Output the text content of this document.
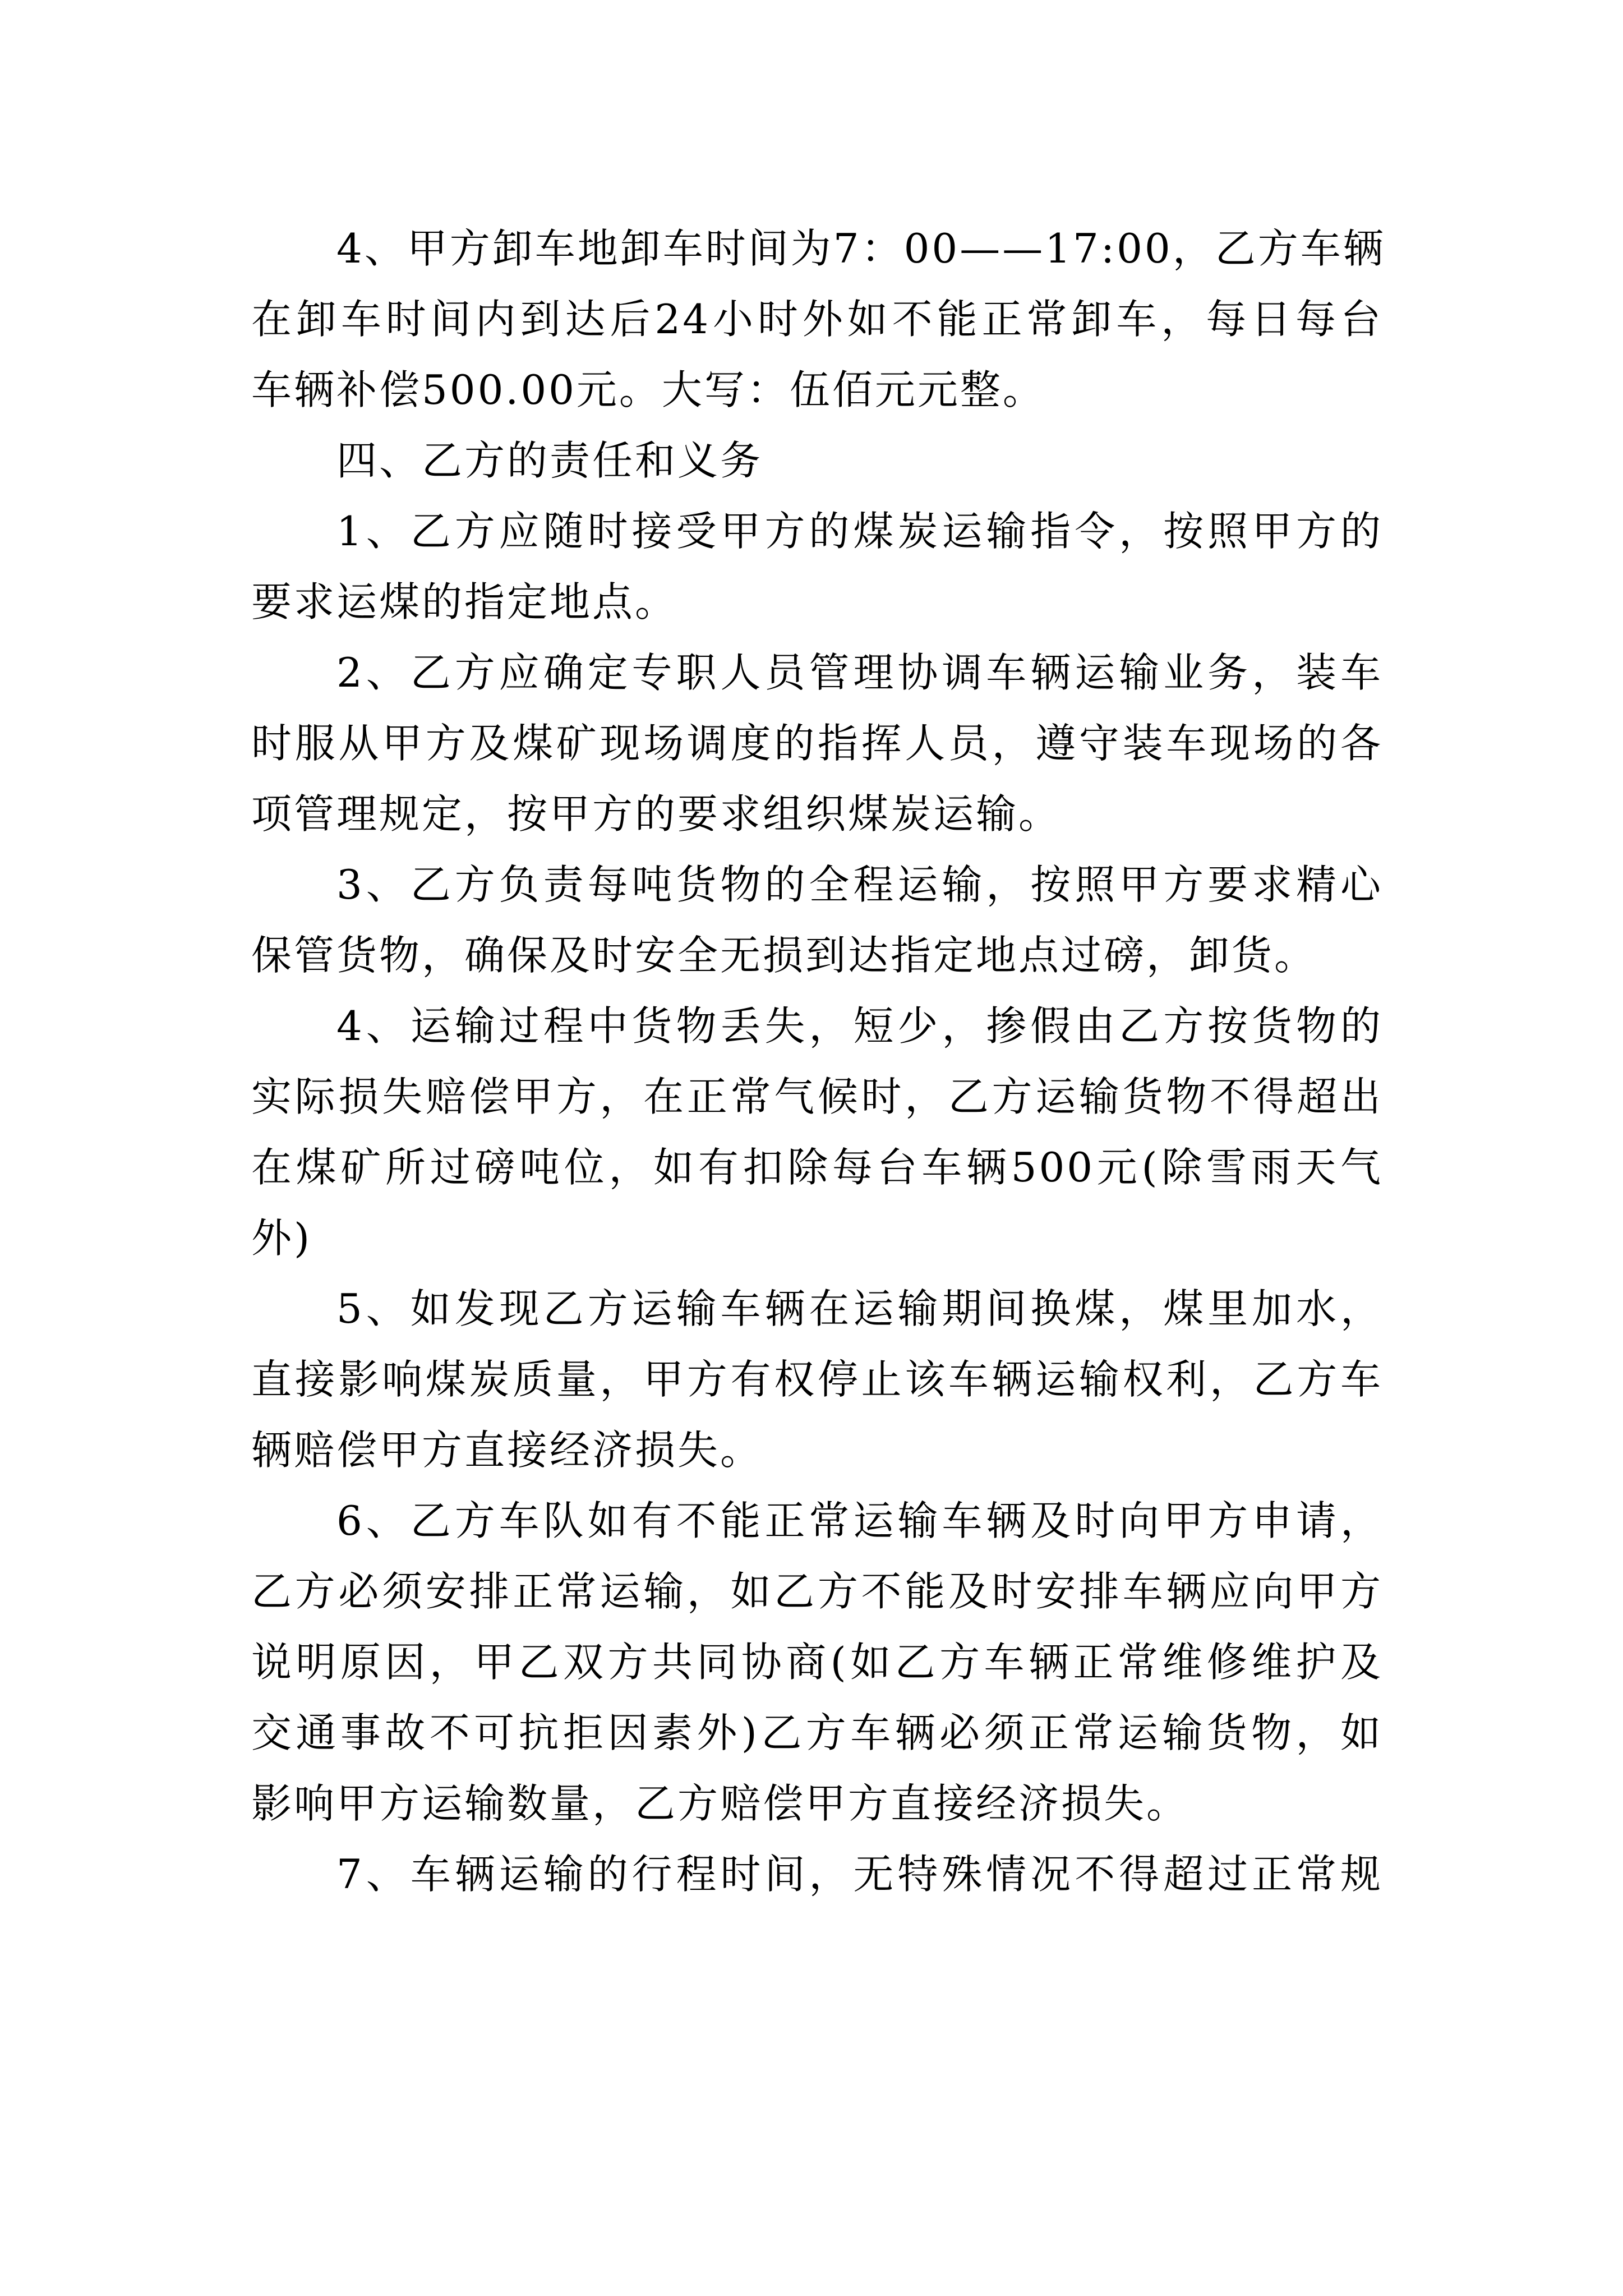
4、甲方卸车地卸车时间为7：00——17:00，乙方车辆
在卸车时间内到达后24小时外如不能正常卸车，每日每台
车辆补偿500.00元。大写：伍佰元元整。
四、乙方的责任和义务
1、乙方应随时接受甲方的煤炭运输指令，按照甲方的
要求运煤的指定地点。
2、乙方应确定专职人员管理协调车辆运输业务，装车
时服从甲方及煤矿现场调度的指挥人员，遵守装车现场的各
项管理规定，按甲方的要求组织煤炭运输。
3、乙方负责每吨货物的全程运输，按照甲方要求精心
保管货物，确保及时安全无损到达指定地点过磅，卸货。
4、运输过程中货物丢失，短少，掺假由乙方按货物的
实际损失赔偿甲方，在正常气候时，乙方运输货物不得超出
在煤矿所过磅吨位，如有扣除每台车辆500元(除雪雨天气
外)
5、如发现乙方运输车辆在运输期间换煤，煤里加水，
直接影响煤炭质量，甲方有权停止该车辆运输权利，乙方车
辆赔偿甲方直接经济损失。
6、乙方车队如有不能正常运输车辆及时向甲方申请，
乙方必须安排正常运输，如乙方不能及时安排车辆应向甲方
说明原因，甲乙双方共同协商(如乙方车辆正常维修维护及
交通事故不可抗拒因素外)乙方车辆必须正常运输货物，如
影响甲方运输数量，乙方赔偿甲方直接经济损失。
7、车辆运输的行程时间，无特殊情况不得超过正常规
